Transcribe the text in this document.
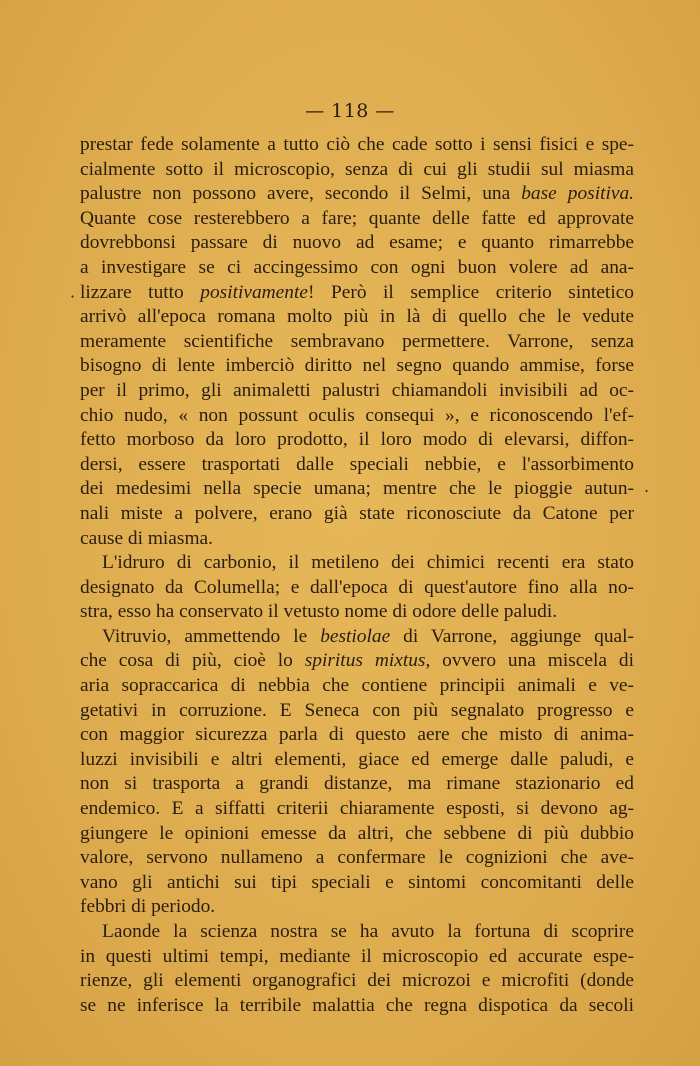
— 118 —
prestar fede solamente a tutto ciò che cade sotto i sensi fisici e spe-
cialmente sotto il microscopio, senza di cui gli studii sul miasma
palustre non possono avere, secondo il Selmi, una base positiva.
Quante cose resterebbero a fare; quante delle fatte ed approvate
dovrebbonsi passare di nuovo ad esame; e quanto rimarrebbe
a investigare se ci accingessimo con ogni buon volere ad ana-
lizzare tutto positivamente! Però il semplice criterio sintetico
arrivò all'epoca romana molto più in là di quello che le vedute
meramente scientifiche sembravano permettere. Varrone, senza
bisogno di lente imberciò diritto nel segno quando ammise, forse
per il primo, gli animaletti palustri chiamandoli invisibili ad oc-
chio nudo, « non possunt oculis consequi », e riconoscendo l'ef-
fetto morboso da loro prodotto, il loro modo di elevarsi, diffon-
dersi, essere trasportati dalle speciali nebbie, e l'assorbimento
dei medesimi nella specie umana; mentre che le pioggie autun-
nali miste a polvere, erano già state riconosciute da Catone per
cause di miasma.
L'idruro di carbonio, il metileno dei chimici recenti era stato
designato da Columella; e dall'epoca di quest'autore fino alla no-
stra, esso ha conservato il vetusto nome di odore delle paludi.
Vitruvio, ammettendo le bestiolae di Varrone, aggiunge qual-
che cosa di più, cioè lo spiritus mixtus, ovvero una miscela di
aria sopraccarica di nebbia che contiene principii animali e ve-
getativi in corruzione. E Seneca con più segnalato progresso e
con maggior sicurezza parla di questo aere che misto di anima-
luzzi invisibili e altri elementi, giace ed emerge dalle paludi, e
non si trasporta a grandi distanze, ma rimane stazionario ed
endemico. E a siffatti criterii chiaramente esposti, si devono ag-
giungere le opinioni emesse da altri, che sebbene di più dubbio
valore, servono nullameno a confermare le cognizioni che ave-
vano gli antichi sui tipi speciali e sintomi concomitanti delle
febbri di periodo.
Laonde la scienza nostra se ha avuto la fortuna di scoprire
in questi ultimi tempi, mediante il microscopio ed accurate espe-
rienze, gli elementi organografici dei microzoi e microfiti (donde
se ne inferisce la terribile malattia che regna dispotica da secoli
·
.
